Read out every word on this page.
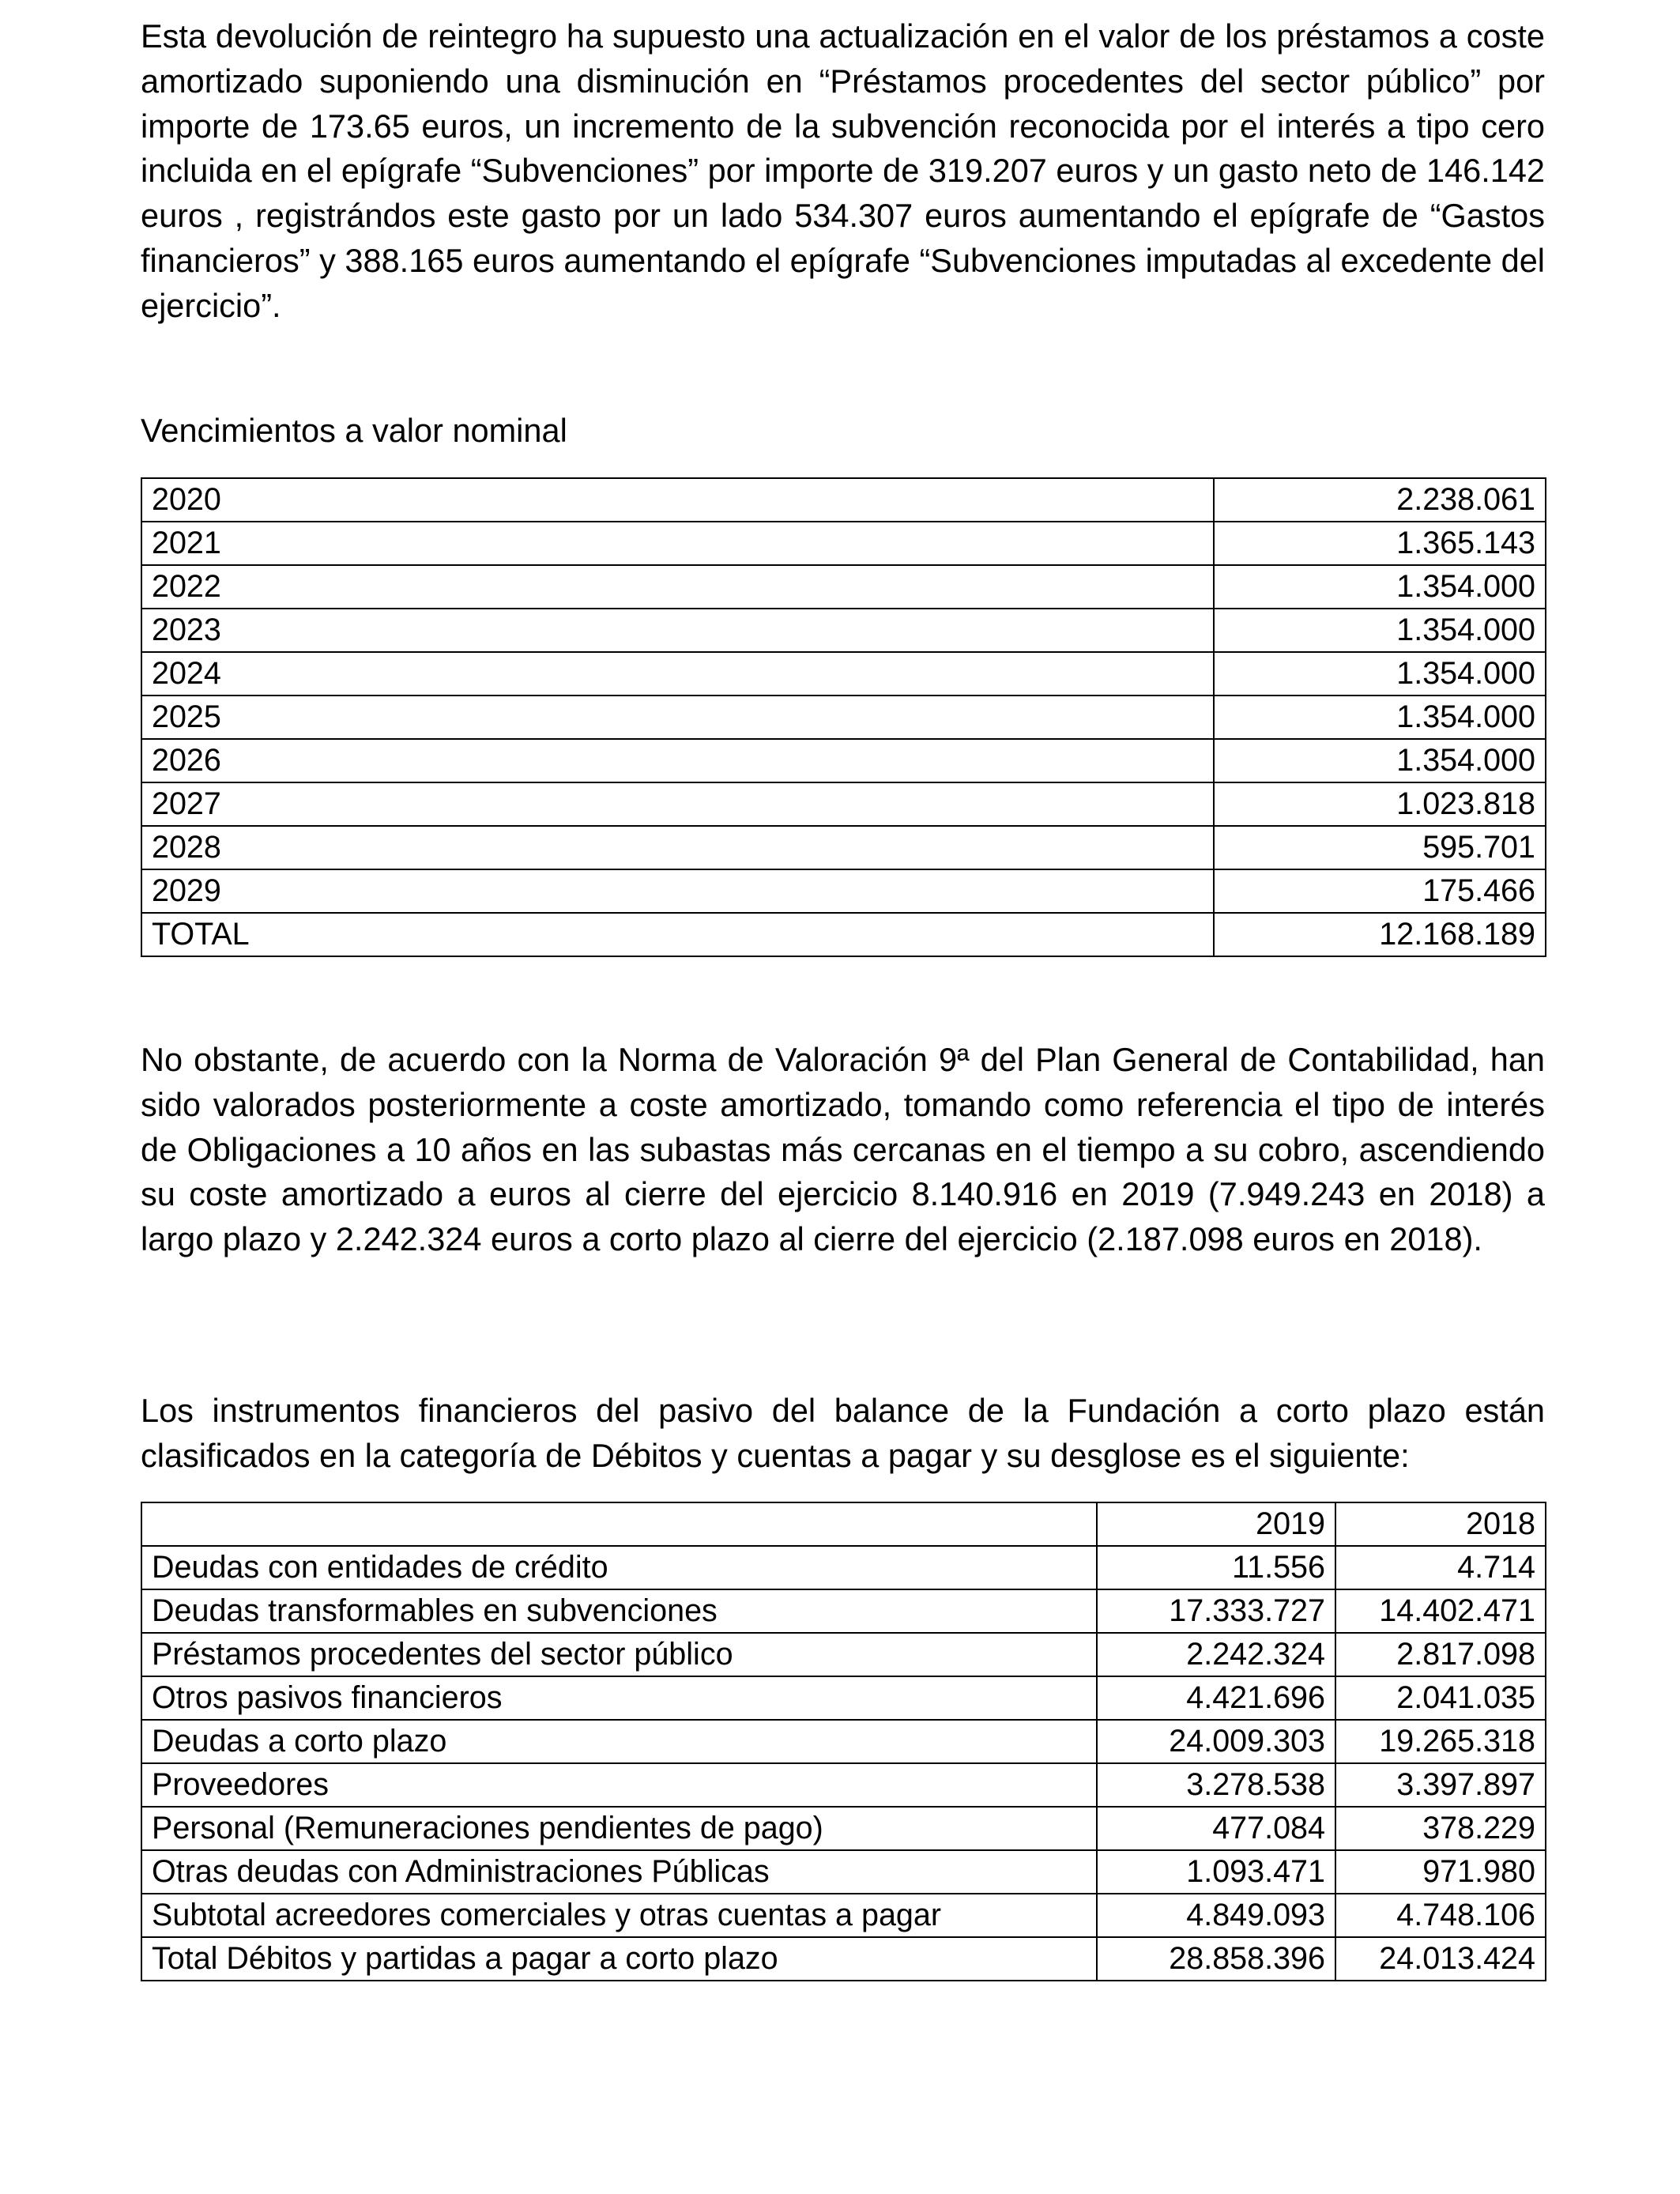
Esta devolución de reintegro ha supuesto una actualización en el valor de los préstamos a coste amortizado suponiendo una disminución en “Préstamos procedentes del sector público” por importe de 173.65 euros, un incremento de la subvención reconocida por el interés a tipo cero incluida en el epígrafe “Subvenciones” por importe de 319.207 euros y un gasto neto de 146.142 euros , registrándos este gasto por un lado 534.307 euros aumentando el epígrafe de “Gastos financieros” y 388.165 euros aumentando el epígrafe “Subvenciones imputadas al excedente del ejercicio”.

Vencimientos a valor nominal

2020	2.238.061
2021	1.365.143
2022	1.354.000
2023	1.354.000
2024	1.354.000
2025	1.354.000
2026	1.354.000
2027	1.023.818
2028	595.701
2029	175.466
TOTAL	12.168.189

No obstante, de acuerdo con la Norma de Valoración 9ª del Plan General de Contabilidad, han sido valorados posteriormente a coste amortizado, tomando como referencia el tipo de interés de Obligaciones a 10 años en las subastas más cercanas en el tiempo a su cobro, ascendiendo su coste amortizado a euros al cierre del ejercicio 8.140.916 en 2019 (7.949.243 en 2018) a largo plazo y 2.242.324 euros a corto plazo al cierre del ejercicio (2.187.098 euros en 2018).

Los instrumentos financieros del pasivo del balance de la Fundación a corto plazo están clasificados en la categoría de Débitos y cuentas a pagar y su desglose es el siguiente:

	2019	2018
Deudas con entidades de crédito	11.556	4.714
Deudas transformables en subvenciones	17.333.727	14.402.471
Préstamos procedentes del sector público	2.242.324	2.817.098
Otros pasivos financieros	4.421.696	2.041.035
Deudas a corto plazo	24.009.303	19.265.318
Proveedores	3.278.538	3.397.897
Personal (Remuneraciones pendientes de pago)	477.084	378.229
Otras deudas con Administraciones Públicas	1.093.471	971.980
Subtotal acreedores comerciales y otras cuentas a pagar	4.849.093	4.748.106
Total Débitos y partidas a pagar a corto plazo	28.858.396	24.013.424
